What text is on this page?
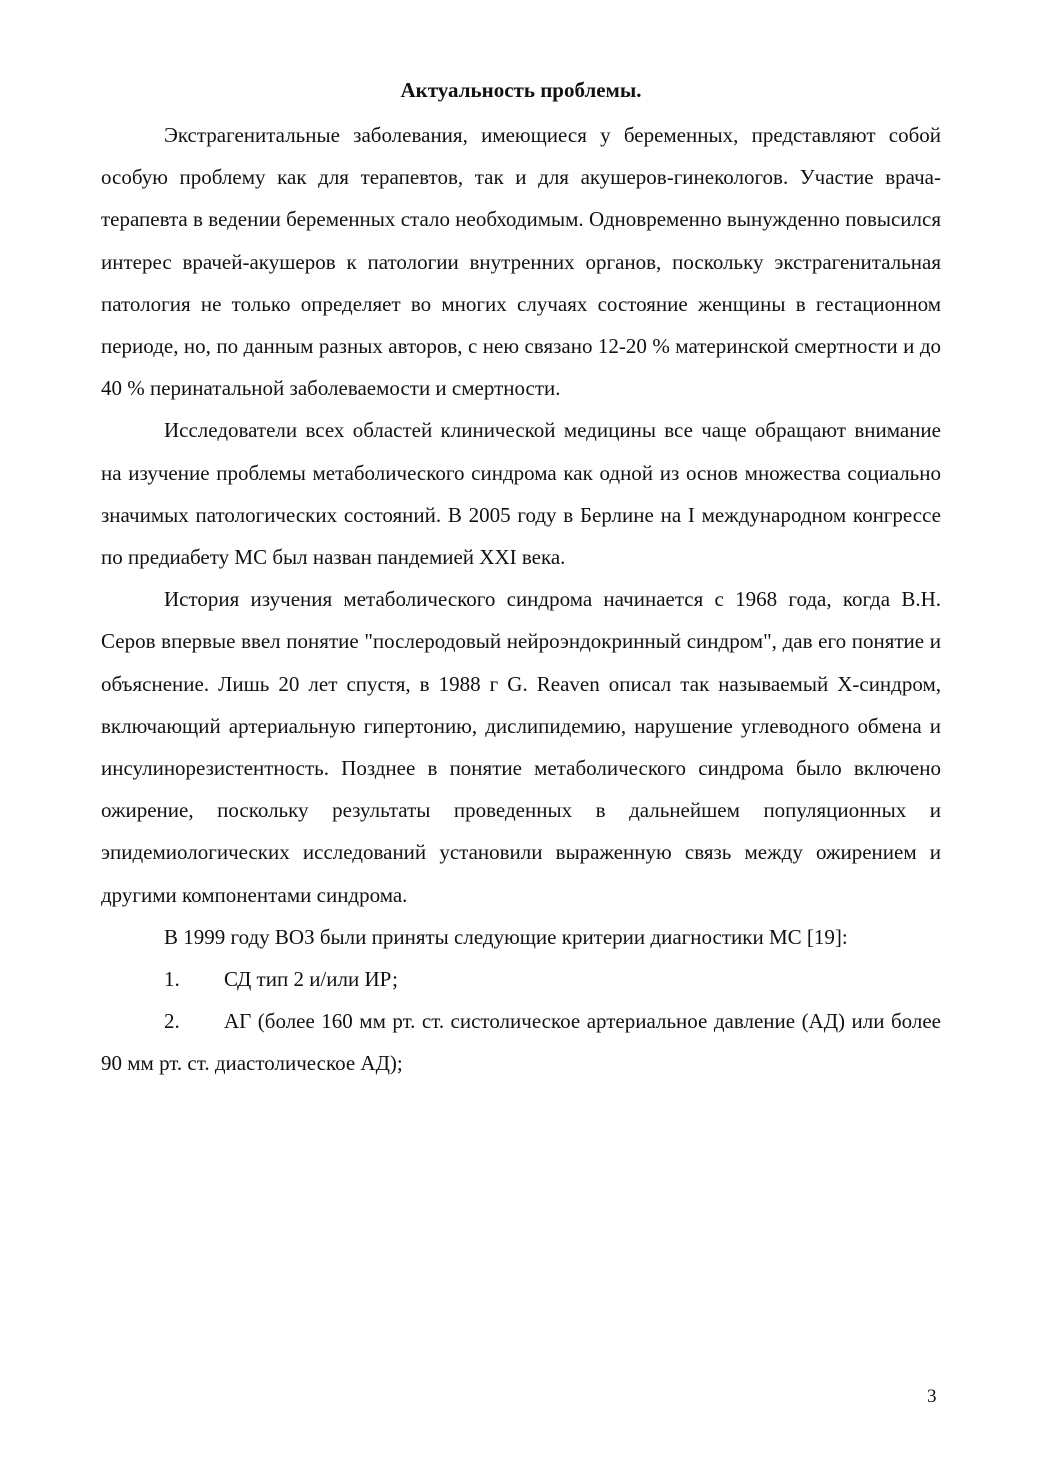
Актуальность проблемы.

Экстрагенитальные заболевания, имеющиеся у беременных, представляют собой особую проблему как для терапевтов, так и для акушеров-гинекологов. Участие врача-терапевта в ведении беременных стало необходимым. Одновременно вынужденно повысился интерес врачей-акушеров к патологии внутренних органов, поскольку экстрагенитальная патология не только определяет во многих случаях состояние женщины в гестационном периоде, но, по данным разных авторов, с нею связано 12-20 % материнской смертности и до 40 % перинатальной заболеваемости и смертности.

Исследователи всех областей клинической медицины все чаще обращают внимание на изучение проблемы метаболического синдрома как одной из основ множества социально значимых патологических состояний. В 2005 году в Берлине на I международном конгрессе по предиабету МС был назван пандемией XXI века.

История изучения метаболического синдрома начинается с 1968 года, когда В.Н. Серов впервые ввел понятие "послеродовый нейроэндокринный синдром", дав его понятие и объяснение. Лишь 20 лет спустя, в 1988 г G. Reaven описал так называемый Х-синдром, включающий артериальную гипертонию, дислипидемию, нарушение углеводного обмена и инсулинорезистентность. Позднее в понятие метаболического синдрома было включено ожирение, поскольку результаты проведенных в дальнейшем популяционных и эпидемиологических исследований установили выраженную связь между ожирением и другими компонентами синдрома.

В 1999 году ВОЗ были приняты следующие критерии диагностики МС [19]:

1.	СД тип 2 и/или ИР;
2. АГ (более 160 мм рт. ст. систолическое артериальное давление (АД) или более 90 мм рт. ст. диастолическое АД);
3
